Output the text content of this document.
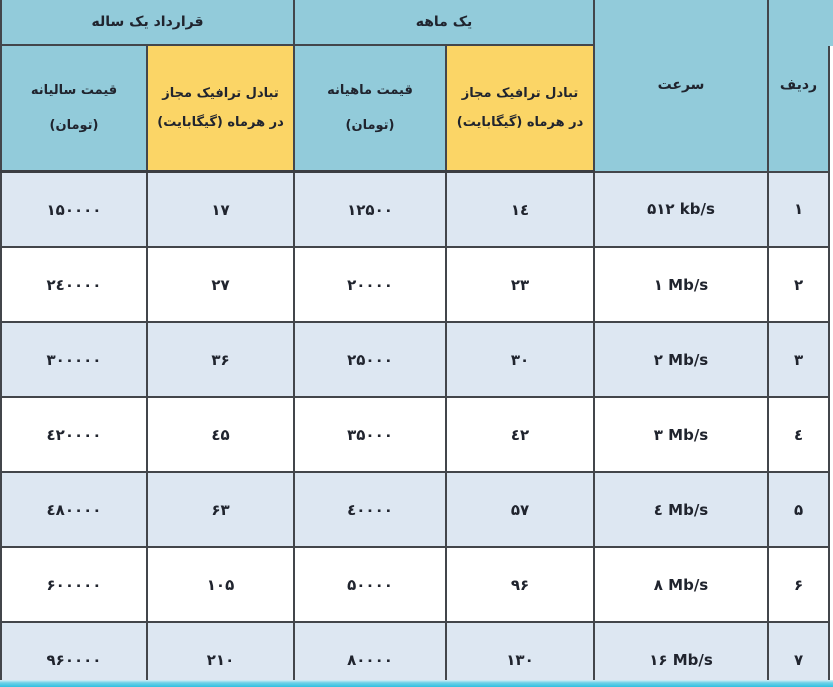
ردیف	سرعت	یک ماهه		قرارداد یک ساله	

تبادل ترافیک مجاز
در هرماه (گیگابایت)

قیمت ماهیانه
(تومان)

تبادل ترافیک مجاز
در هرماه (گیگابایت)

قیمت سالیانه
(تومان)

۱	۵۱۲ kb/s	۱٤	۱۲۵۰۰	۱۷	۱۵۰۰۰۰
۲	۱ Mb/s	۲۳	۲۰۰۰۰	۲۷	۲٤۰۰۰۰
۳	۲ Mb/s	۳۰	۲۵۰۰۰	۳۶	۳۰۰۰۰۰
٤	۳ Mb/s	٤۲	۳۵۰۰۰	٤۵	٤۲۰۰۰۰
۵	٤ Mb/s	۵۷	٤۰۰۰۰	۶۳	٤۸۰۰۰۰
۶	۸ Mb/s	۹۶	۵۰۰۰۰	۱۰۵	۶۰۰۰۰۰
۷	۱۶ Mb/s	۱۳۰	۸۰۰۰۰	۲۱۰	۹۶۰۰۰۰
